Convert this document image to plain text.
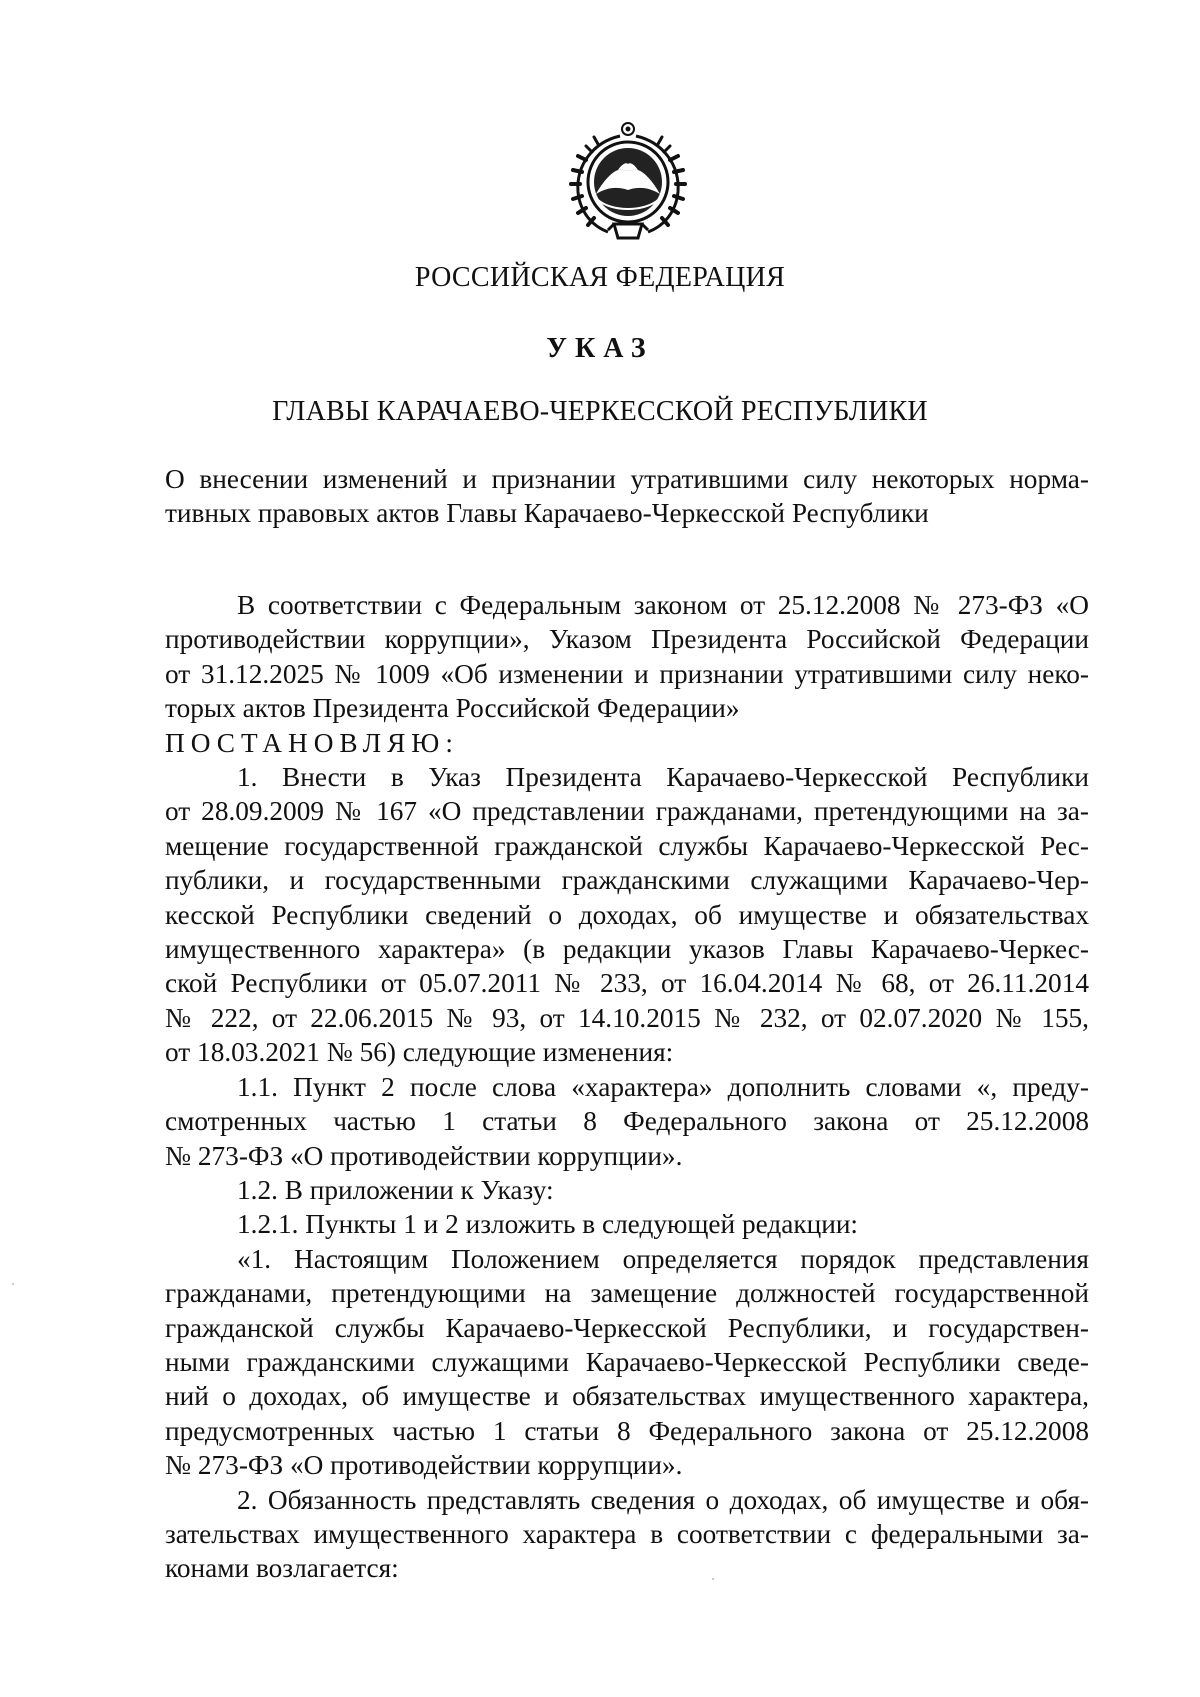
РОССИЙСКАЯ ФЕДЕРАЦИЯ
УКАЗ
ГЛАВЫ КАРАЧАЕВО-ЧЕРКЕССКОЙ РЕСПУБЛИКИ
О внесении изменений и признании утратившими силу некоторых норма-
тивных правовых актов Главы Карачаево-Черкесской Республики
В соответствии с Федеральным законом от 25.12.2008 № 273-ФЗ «О
противодействии коррупции», Указом Президента Российской Федерации
от 31.12.2025 № 1009 «Об изменении и признании утратившими силу неко-
торых актов Президента Российской Федерации»
ПОСТАНОВЛЯЮ:
1. Внести в Указ Президента Карачаево-Черкесской Республики
от 28.09.2009 № 167 «О представлении гражданами, претендующими на за-
мещение государственной гражданской службы Карачаево-Черкесской Рес-
публики, и государственными гражданскими служащими Карачаево-Чер-
кесской Республики сведений о доходах, об имуществе и обязательствах
имущественного характера» (в редакции указов Главы Карачаево-Черкес-
ской Республики от 05.07.2011 № 233, от 16.04.2014 № 68, от 26.11.2014
№ 222, от 22.06.2015 № 93, от 14.10.2015 № 232, от 02.07.2020 № 155,
от 18.03.2021 № 56) следующие изменения:
1.1. Пункт 2 после слова «характера» дополнить словами «, преду-
смотренных частью 1 статьи 8 Федерального закона от 25.12.2008
№ 273-ФЗ «О противодействии коррупции».
1.2. В приложении к Указу:
1.2.1. Пункты 1 и 2 изложить в следующей редакции:
«1. Настоящим Положением определяется порядок представления
гражданами, претендующими на замещение должностей государственной
гражданской службы Карачаево-Черкесской Республики, и государствен-
ными гражданскими служащими Карачаево-Черкесской Республики сведе-
ний о доходах, об имуществе и обязательствах имущественного характера,
предусмотренных частью 1 статьи 8 Федерального закона от 25.12.2008
№ 273-ФЗ «О противодействии коррупции».
2. Обязанность представлять сведения о доходах, об имуществе и обя-
зательствах имущественного характера в соответствии с федеральными за-
конами возлагается:
